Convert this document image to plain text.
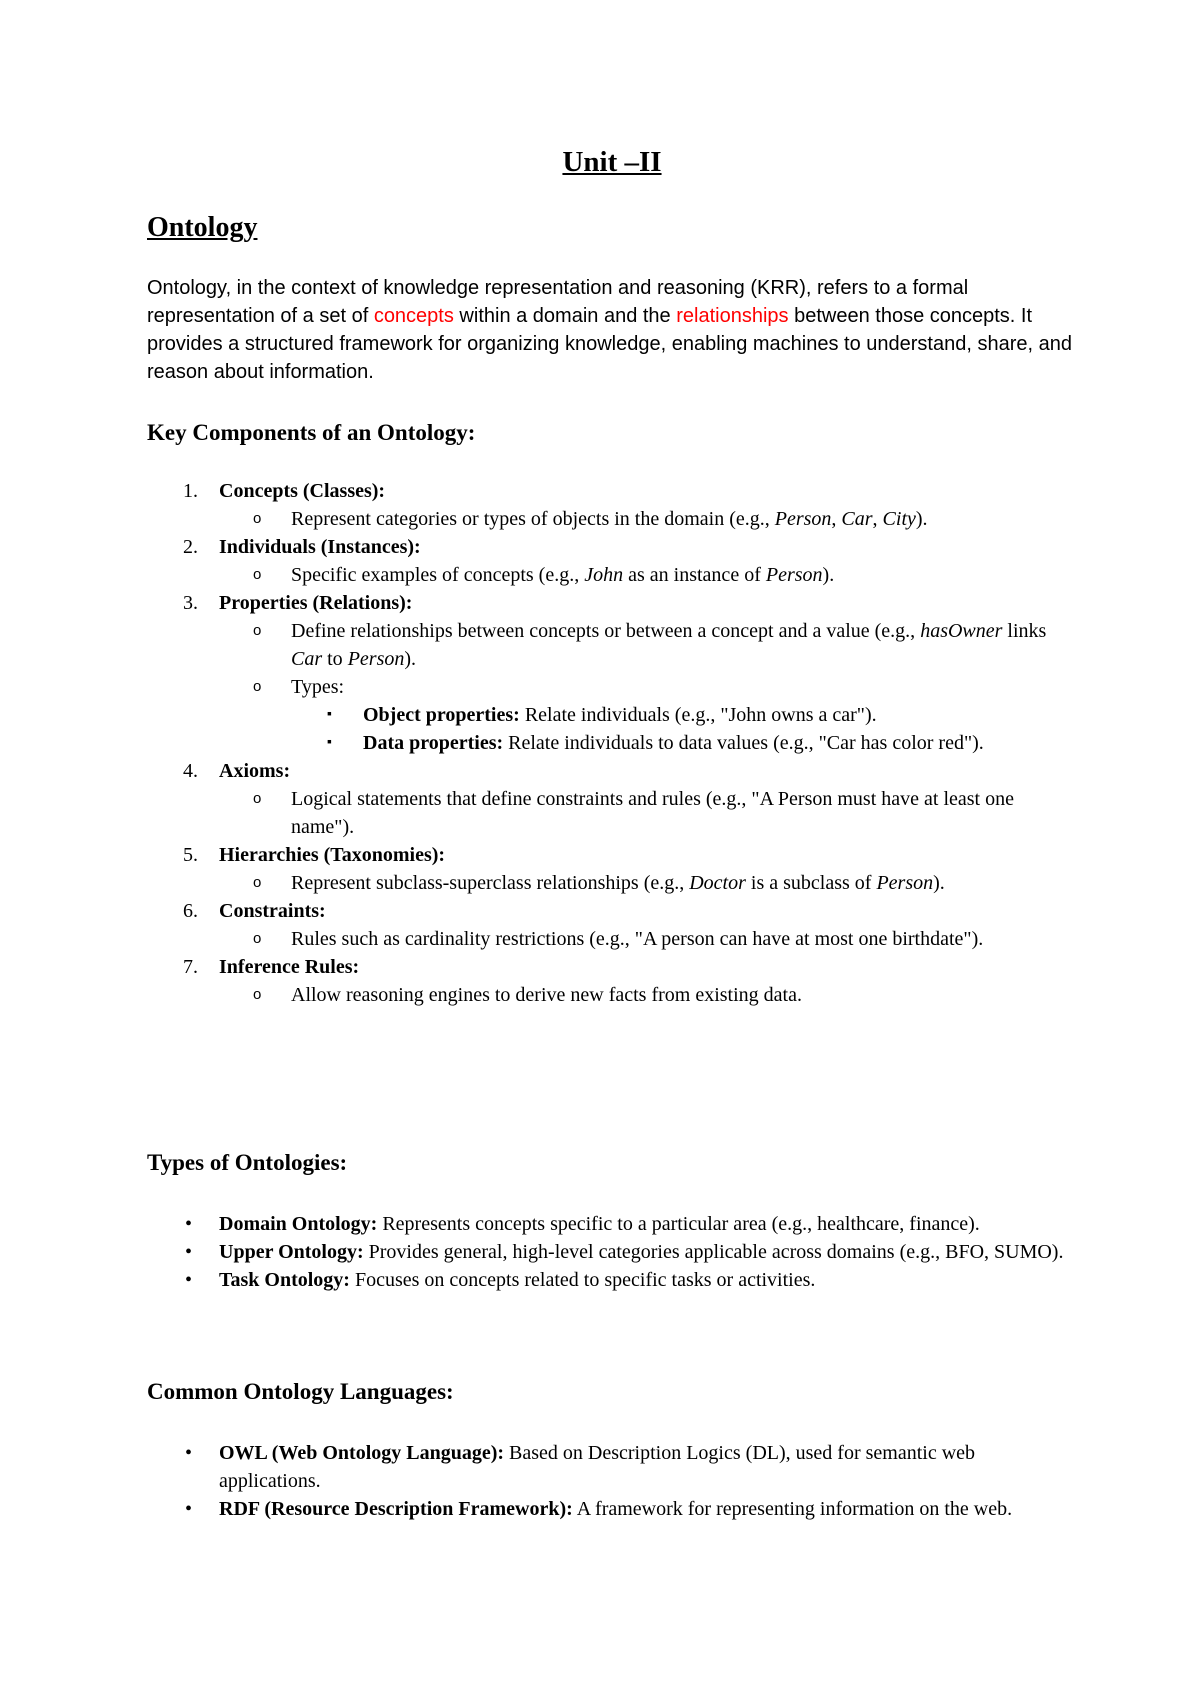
Unit –II
Ontology

Ontology, in the context of knowledge representation and reasoning (KRR), refers to a formal representation of a set of concepts within a domain and the relationships between those concepts. It provides a structured framework for organizing knowledge, enabling machines to understand, share, and reason about information.

Key Components of an Ontology:
1. Concepts (Classes):
o Represent categories or types of objects in the domain (e.g., Person, Car, City).
2. Individuals (Instances):
o Specific examples of concepts (e.g., John as an instance of Person).
3. Properties (Relations):
o Define relationships between concepts or between a concept and a value (e.g., hasOwner links Car to Person).
o Types:
▪ Object properties: Relate individuals (e.g., "John owns a car").
▪ Data properties: Relate individuals to data values (e.g., "Car has color red").
4. Axioms:
o Logical statements that define constraints and rules (e.g., "A Person must have at least one name").
5. Hierarchies (Taxonomies):
o Represent subclass-superclass relationships (e.g., Doctor is a subclass of Person).
6. Constraints:
o Rules such as cardinality restrictions (e.g., "A person can have at most one birthdate").
7. Inference Rules:
o Allow reasoning engines to derive new facts from existing data.
Types of Ontologies:
• Domain Ontology: Represents concepts specific to a particular area (e.g., healthcare, finance).
• Upper Ontology: Provides general, high-level categories applicable across domains (e.g., BFO, SUMO).
• Task Ontology: Focuses on concepts related to specific tasks or activities.
Common Ontology Languages:
• OWL (Web Ontology Language): Based on Description Logics (DL), used for semantic web applications.
• RDF (Resource Description Framework): A framework for representing information on the web.
